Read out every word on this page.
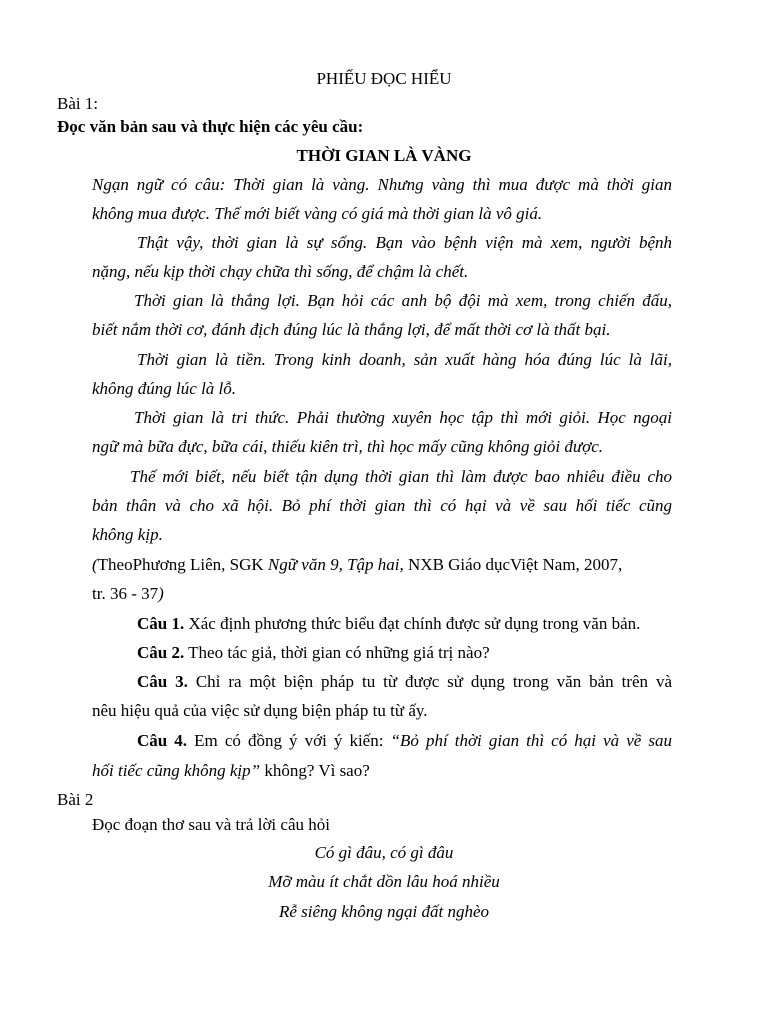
PHIẾU ĐỌC HIỂU
Bài 1:
Đọc văn bản sau và thực hiện các yêu cầu:
THỜI GIAN LÀ VÀNG
Ngạn ngữ có câu: Thời gian là vàng. Nhưng vàng thì mua được mà thời gian
không mua được. Thế mới biết vàng có giá mà thời gian là vô giá.
Thật vậy, thời gian là sự sống. Bạn vào bệnh viện mà xem, người bệnh
nặng, nếu kịp thời chạy chữa thì sống, để chậm là chết.
Thời gian là thắng lợi. Bạn hỏi các anh bộ đội mà xem, trong chiến đấu,
biết nắm thời cơ, đánh địch đúng lúc là thắng lợi, để mất thời cơ là thất bại.
Thời gian là tiền. Trong kinh doanh, sản xuất hàng hóa đúng lúc là lãi,
không đúng lúc là lỗ.
Thời gian là tri thức. Phải thường xuyên học tập thì mới giỏi. Học ngoại
ngữ mà bữa đực, bữa cái, thiếu kiên trì, thì học mấy cũng không giỏi được.
Thế mới biết, nếu biết tận dụng thời gian thì làm được bao nhiêu điều cho
bản thân và cho xã hội. Bỏ phí thời gian thì có hại và về sau hối tiếc cũng
không kịp.
(TheoPhương Liên, SGK Ngữ văn 9, Tập hai, NXB Giáo dụcViệt Nam, 2007,
tr. 36 - 37)
Câu 1. Xác định phương thức biểu đạt chính được sử dụng trong văn bản.
Câu 2. Theo tác giả, thời gian có những giá trị nào?
Câu 3. Chỉ ra một biện pháp tu từ được sử dụng trong văn bản trên và
nêu hiệu quả của việc sử dụng biện pháp tu từ ấy.
Câu 4. Em có đồng ý với ý kiến: “Bỏ phí thời gian thì có hại và về sau
hối tiếc cũng không kịp” không? Vì sao?
Bài 2
Đọc đoạn thơ sau và trả lời câu hỏi
Có gì đâu, có gì đâu
Mỡ màu ít chắt dồn lâu hoá nhiều
Rễ siêng không ngại đất nghèo
